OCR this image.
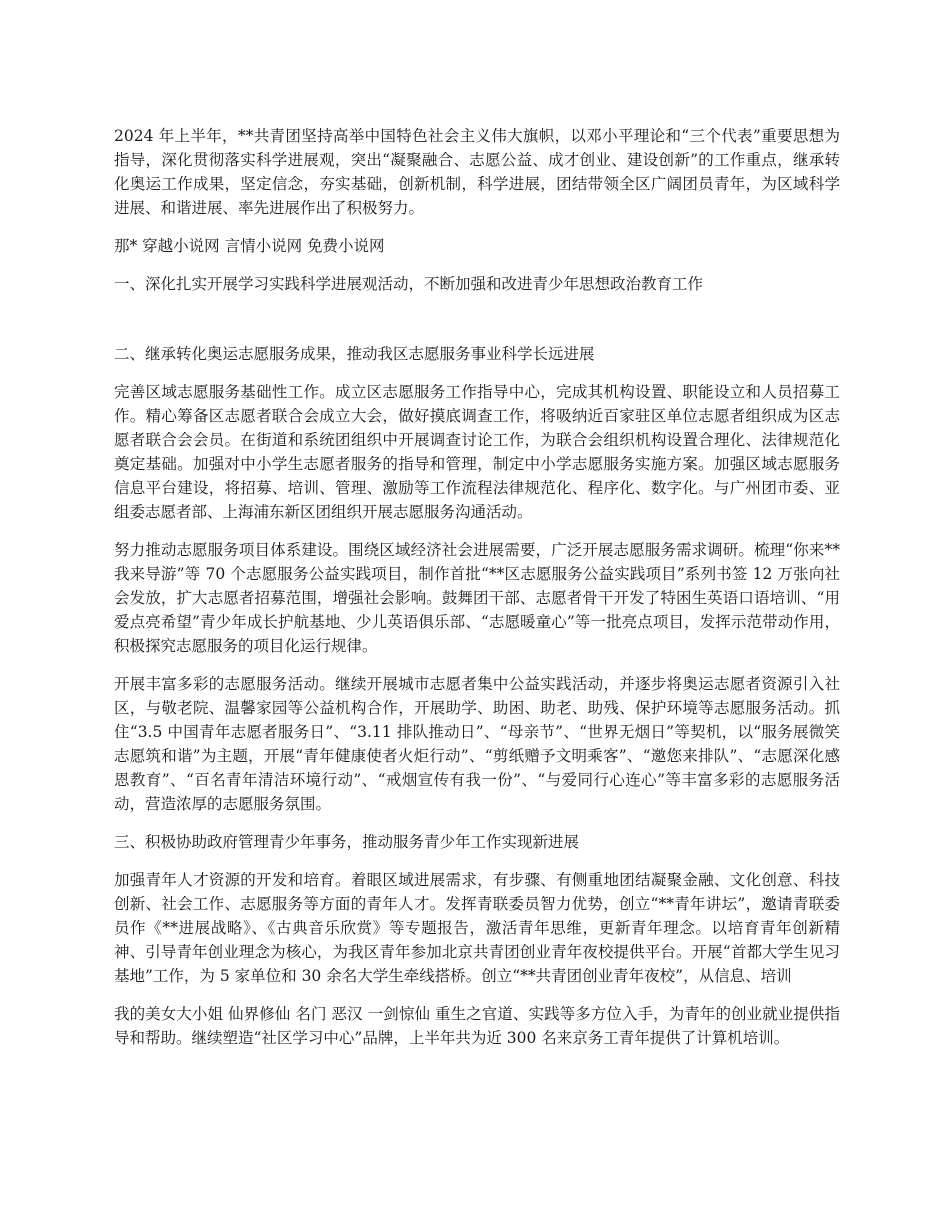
2024 年上半年，**共青团坚持高举中国特色社会主义伟大旗帜，以邓小平理论和“三个代表”重要思想为指导，深化贯彻落实科学进展观，突出“凝聚融合、志愿公益、成才创业、建设创新”的工作重点，继承转化奥运工作成果，坚定信念，夯实基础，创新机制，科学进展，团结带领全区广阔团员青年，为区域科学进展、和谐进展、率先进展作出了积极努力。

那* 穿越小说网 言情小说网 免费小说网

一、深化扎实开展学习实践科学进展观活动，不断加强和改进青少年思想政治教育工作

二、继承转化奥运志愿服务成果，推动我区志愿服务事业科学长远进展

完善区域志愿服务基础性工作。成立区志愿服务工作指导中心，完成其机构设置、职能设立和人员招募工作。精心筹备区志愿者联合会成立大会，做好摸底调查工作，将吸纳近百家驻区单位志愿者组织成为区志愿者联合会会员。在街道和系统团组织中开展调查讨论工作，为联合会组织机构设置合理化、法律规范化奠定基础。加强对中小学生志愿者服务的指导和管理，制定中小学志愿服务实施方案。加强区域志愿服务信息平台建设，将招募、培训、管理、激励等工作流程法律规范化、程序化、数字化。与广州团市委、亚组委志愿者部、上海浦东新区团组织开展志愿服务沟通活动。

努力推动志愿服务项目体系建设。围绕区域经济社会进展需要，广泛开展志愿服务需求调研。梳理“你来** 我来导游”等 70 个志愿服务公益实践项目，制作首批“**区志愿服务公益实践项目”系列书签 12 万张向社会发放，扩大志愿者招募范围，增强社会影响。鼓舞团干部、志愿者骨干开发了特困生英语口语培训、“用爱点亮希望”青少年成长护航基地、少儿英语俱乐部、“志愿暖童心”等一批亮点项目，发挥示范带动作用，积极探究志愿服务的项目化运行规律。

开展丰富多彩的志愿服务活动。继续开展城市志愿者集中公益实践活动，并逐步将奥运志愿者资源引入社区，与敬老院、温馨家园等公益机构合作，开展助学、助困、助老、助残、保护环境等志愿服务活动。抓住“3.5 中国青年志愿者服务日”、“3.11 排队推动日”、“母亲节”、“世界无烟日”等契机，以“服务展微笑 志愿筑和谐”为主题，开展“青年健康使者火炬行动”、“剪纸赠予文明乘客”、“邀您来排队”、“志愿深化感恩教育”、“百名青年清洁环境行动”、“戒烟宣传有我一份”、“与爱同行心连心”等丰富多彩的志愿服务活动，营造浓厚的志愿服务氛围。

三、积极协助政府管理青少年事务，推动服务青少年工作实现新进展

加强青年人才资源的开发和培育。着眼区域进展需求，有步骤、有侧重地团结凝聚金融、文化创意、科技创新、社会工作、志愿服务等方面的青年人才。发挥青联委员智力优势，创立“**青年讲坛”，邀请青联委员作《**进展战略》、《古典音乐欣赏》等专题报告，激活青年思维，更新青年理念。以培育青年创新精神、引导青年创业理念为核心，为我区青年参加北京共青团创业青年夜校提供平台。开展“首都大学生见习基地”工作，为 5 家单位和 30 余名大学生牵线搭桥。创立“**共青团创业青年夜校”，从信息、培训

我的美女大小姐 仙界修仙 名门 恶汉 一剑惊仙 重生之官道、实践等多方位入手，为青年的创业就业提供指导和帮助。继续塑造“社区学习中心”品牌，上半年共为近 300 名来京务工青年提供了计算机培训。
